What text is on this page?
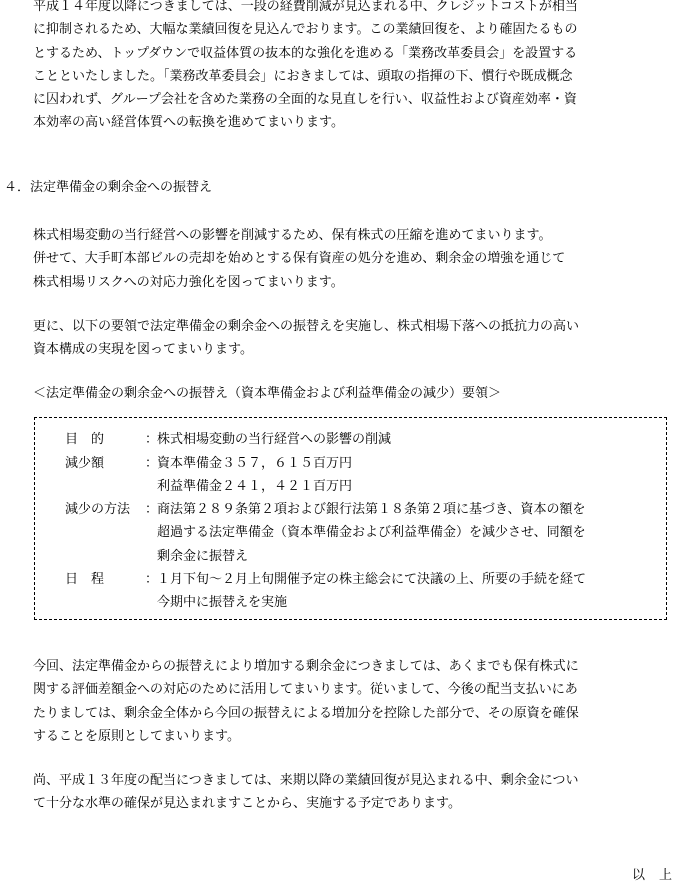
平成１４年度以降につきましては、一段の経費削減が見込まれる中、クレジットコストが相当
に抑制されるため、大幅な業績回復を見込んでおります。この業績回復を、より確固たるもの
とするため、トップダウンで収益体質の抜本的な強化を進める「業務改革委員会」を設置する
ことといたしました。「業務改革委員会」におきましては、頭取の指揮の下、慣行や既成概念
に囚われず、グループ会社を含めた業務の全面的な見直しを行い、収益性および資産効率・資
本効率の高い経営体質への転換を進めてまいります。
４．法定準備金の剰余金への振替え
株式相場変動の当行経営への影響を削減するため、保有株式の圧縮を進めてまいります。
併せて、大手町本部ビルの売却を始めとする保有資産の処分を進め、剰余金の増強を通じて
株式相場リスクへの対応力強化を図ってまいります。
更に、以下の要領で法定準備金の剰余金への振替えを実施し、株式相場下落への抵抗力の高い
資本構成の実現を図ってまいります。
＜法定準備金の剰余金への振替え（資本準備金および利益準備金の減少）要領＞
目　的	：
株式相場変動の当行経営への影響の削減
減少額	：
資本準備金３５７，６１５百万円
利益準備金２４１，４２１百万円
減少の方法	：
商法第２８９条第２項および銀行法第１８条第２項に基づき、資本の額を
超過する法定準備金（資本準備金および利益準備金）を減少させ、同額を
剰余金に振替え
日　程	：
１月下旬～２月上旬開催予定の株主総会にて決議の上、所要の手続を経て
今期中に振替えを実施
今回、法定準備金からの振替えにより増加する剰余金につきましては、あくまでも保有株式に
関する評価差額金への対応のために活用してまいります。従いまして、今後の配当支払いにあ
たりましては、剰余金全体から今回の振替えによる増加分を控除した部分で、その原資を確保
することを原則としてまいります。
尚、平成１３年度の配当につきましては、来期以降の業績回復が見込まれる中、剰余金につい
て十分な水準の確保が見込まれますことから、実施する予定であります。
以上
